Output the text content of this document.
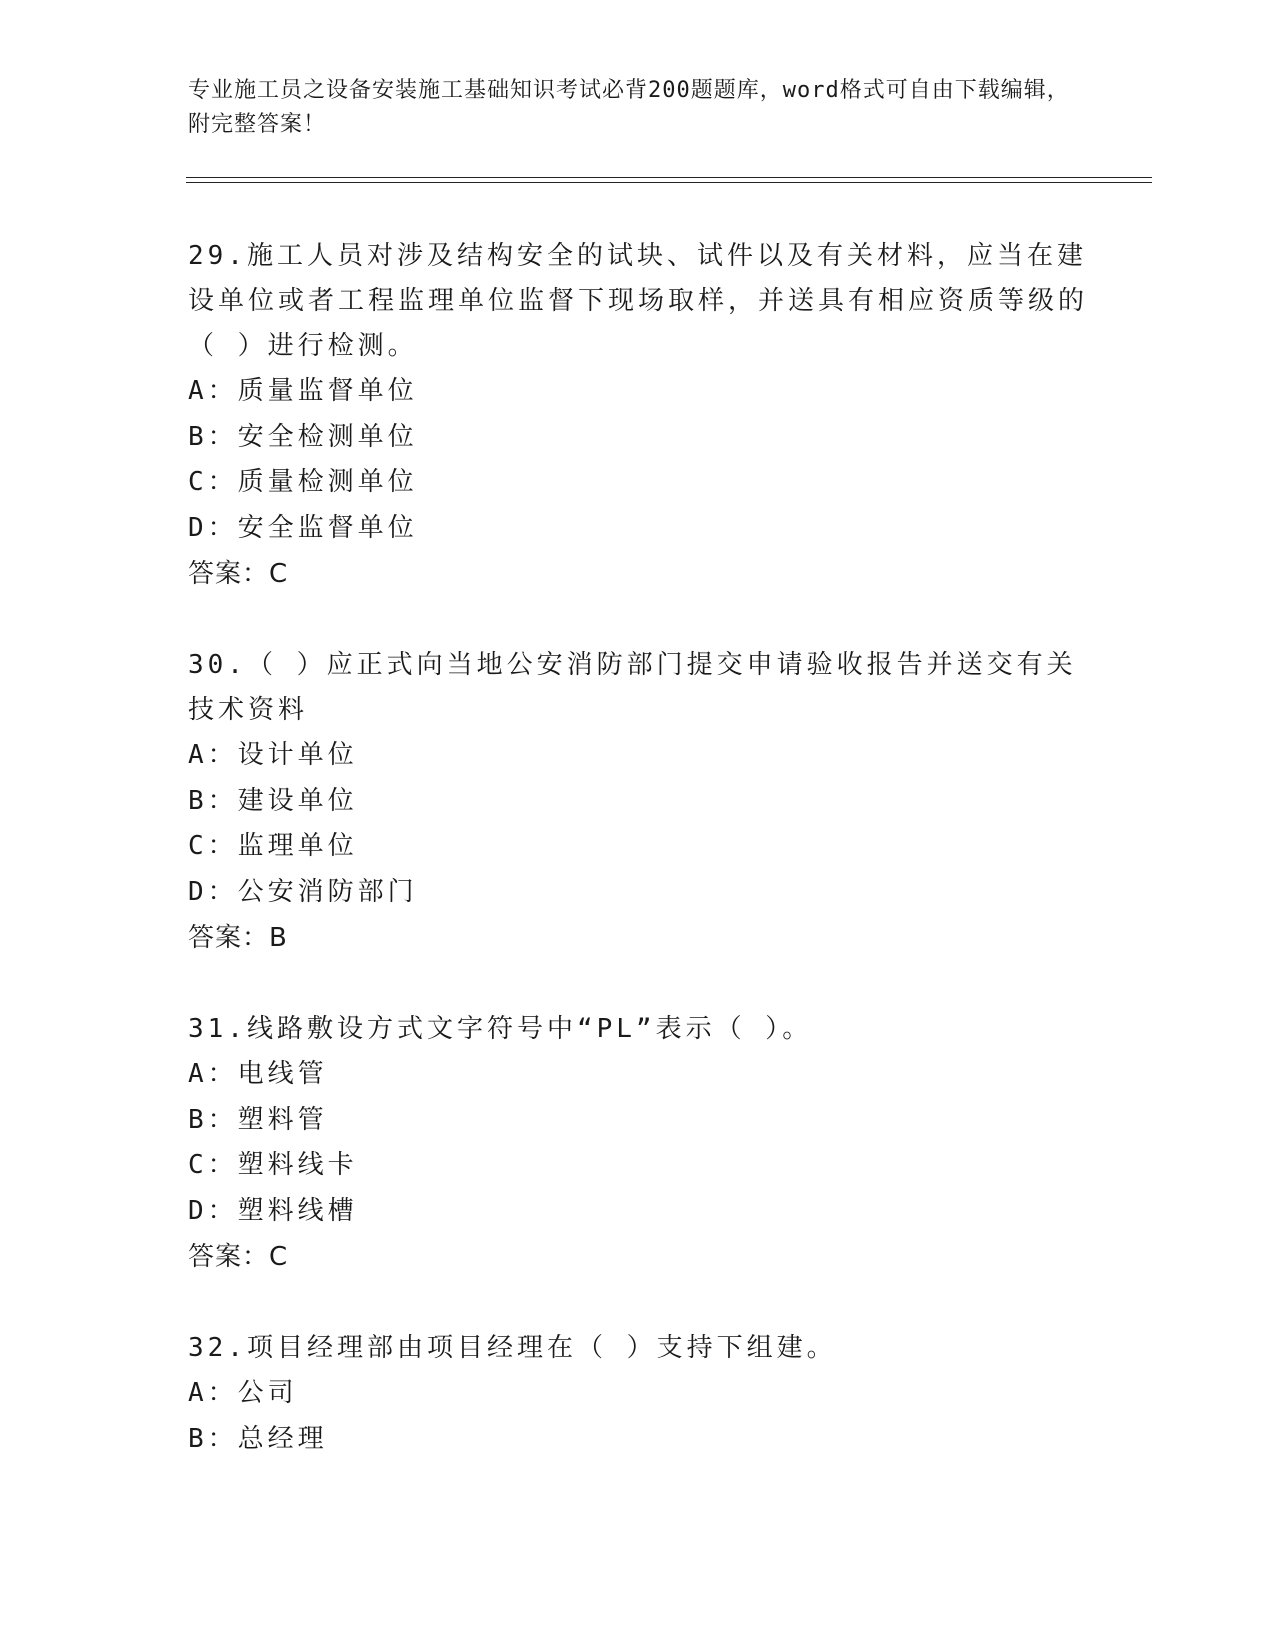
专业施工员之设备安装施工基础知识考试必背200题题库，word格式可自由下载编辑，附完整答案！

29.施工人员对涉及结构安全的试块、试件以及有关材料，应当在建设单位或者工程监理单位监督下现场取样，并送具有相应资质等级的（ ）进行检测。

A：质量监督单位

B：安全检测单位

C：质量检测单位

D：安全监督单位

答案：C

30.（ ）应正式向当地公安消防部门提交申请验收报告并送交有关技术资料

A：设计单位

B：建设单位

C：监理单位

D：公安消防部门

答案：B

31.线路敷设方式文字符号中“PL”表示（ ）。

A：电线管

B：塑料管

C：塑料线卡

D：塑料线槽

答案：C

32.项目经理部由项目经理在（ ）支持下组建。

A：公司

B：总经理
